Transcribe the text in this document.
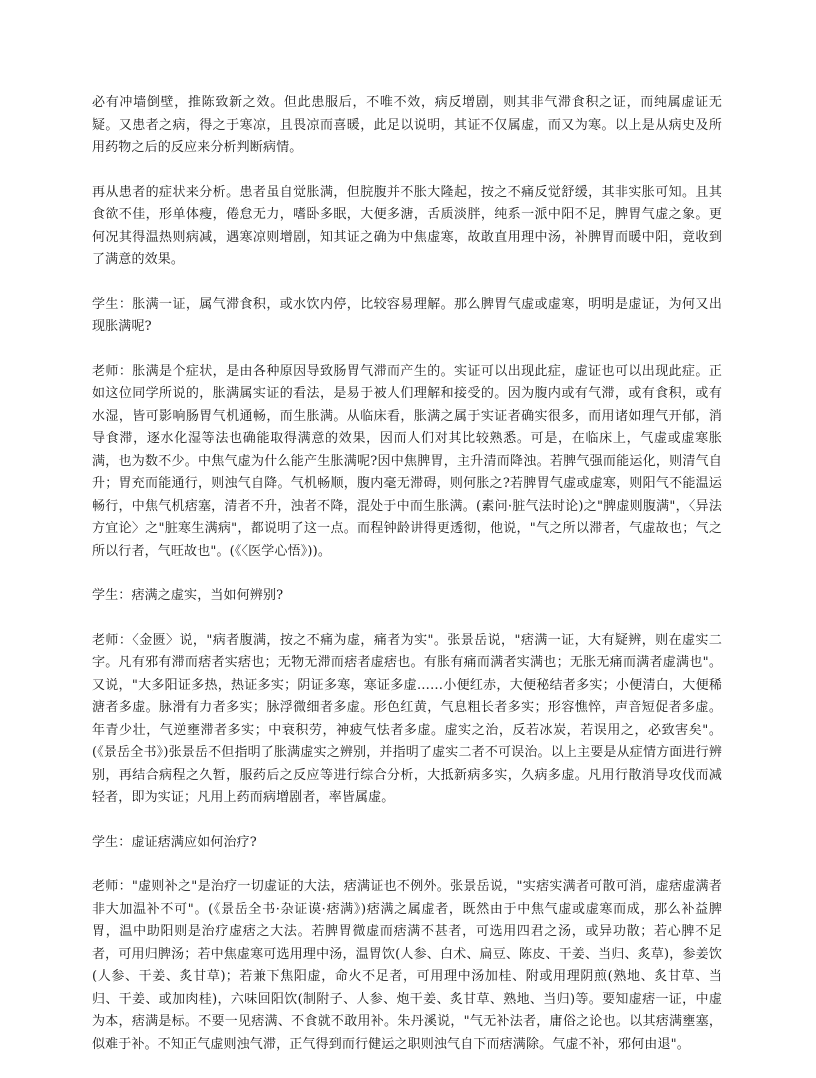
必有冲墙倒壁，推陈致新之效。但此患服后，不唯不效，病反增剧，则其非气滞食积之证，而纯属虚证无疑。又患者之病，得之于寒凉，且畏凉而喜暖，此足以说明，其证不仅属虚，而又为寒。以上是从病史及所用药物之后的反应来分析判断病情。

再从患者的症状来分析。患者虽自觉胀满，但脘腹并不胀大隆起，按之不痛反觉舒缓，其非实胀可知。且其食欲不佳，形单体瘦，倦怠无力，嗜卧多眠，大便多溏，舌质淡胖，纯系一派中阳不足，脾胃气虚之象。更何况其得温热则病减，遇寒凉则增剧，知其证之确为中焦虚寒，故敢直用理中汤，补脾胃而暖中阳，竟收到了满意的效果。

学生：胀满一证，属气滞食积，或水饮内停，比较容易理解。那么脾胃气虚或虚寒，明明是虚证，为何又出现胀满呢?

老师：胀满是个症状，是由各种原因导致肠胃气滞而产生的。实证可以出现此症，虚证也可以出现此症。正如这位同学所说的，胀满属实证的看法，是易于被人们理解和接受的。因为腹内或有气滞，或有食积，或有水湿，皆可影响肠胃气机通畅，而生胀满。从临床看，胀满之属于实证者确实很多，而用诸如理气开郁，消导食滞，逐水化湿等法也确能取得满意的效果，因而人们对其比较熟悉。可是，在临床上，气虚或虚寒胀满，也为数不少。中焦气虚为什么能产生胀满呢?因中焦脾胃，主升清而降浊。若脾气强而能运化，则清气自升；胃充而能通行，则浊气自降。气机畅顺，腹内毫无滞碍，则何胀之?若脾胃气虚或虚寒，则阳气不能温运畅行，中焦气机痞塞，清者不升，浊者不降，混处于中而生胀满。(素问·脏气法时论)之"脾虚则腹满"，〈异法方宜论〉之"脏寒生满病"，都说明了这一点。而程钟龄讲得更透彻，他说，"气之所以滞者，气虚故也；气之所以行者，气旺故也"。(《〈医学心悟》))。

学生：痞满之虚实，当如何辨别?

老师：〈金匮〉说，"病者腹满，按之不痛为虚，痛者为实"。张景岳说，"痞满一证，大有疑辨，则在虚实二字。凡有邪有滞而痞者实痞也；无物无滞而痞者虚痞也。有胀有痛而满者实满也；无胀无痛而满者虚满也"。又说，"大多阳证多热，热证多实；阴证多寒，寒证多虚……小便红赤，大便秘结者多实；小便清白，大便稀溏者多虚。脉滑有力者多实；脉浮微细者多虚。形色红黄，气息粗长者多实；形容憔悴，声音短促者多虚。年青少壮，气逆壅滞者多实；中衰积劳，神疲气怯者多虚。虚实之治，反若冰炭，若误用之，必致害矣"。(《景岳全书》)张景岳不但指明了胀满虚实之辨别，并指明了虚实二者不可误治。以上主要是从症情方面进行辨别，再结合病程之久暂，服药后之反应等进行综合分析，大抵新病多实，久病多虚。凡用行散消导攻伐而减轻者，即为实证；凡用上药而病增剧者，率皆属虚。

学生：虚证痞满应如何治疗?

老师："虚则补之"是治疗一切虚证的大法，痞满证也不例外。张景岳说，"实痞实满者可散可消，虚痞虚满者非大加温补不可"。(《景岳全书·杂证谟·痞满》)痞满之属虚者，既然由于中焦气虚或虚寒而成，那么补益脾胃，温中助阳则是治疗虚痞之大法。若脾胃微虚而痞满不甚者，可选用四君之汤，或异功散；若心脾不足者，可用归脾汤；若中焦虚寒可选用理中汤，温胃饮(人参、白术、扁豆、陈皮、干姜、当归、炙草)，参姜饮(人参、干姜、炙甘草)；若兼下焦阳虚，命火不足者，可用理中汤加桂、附或用理阴煎(熟地、炙甘草、当归、干姜、或加肉桂)，六味回阳饮(制附子、人参、炮干姜、炙甘草、熟地、当归)等。要知虚痞一证，中虚为本，痞满是标。不要一见痞满、不食就不敢用补。朱丹溪说，"气无补法者，庸俗之论也。以其痞满壅塞，似难于补。不知正气虚则浊气滞，正气得到而行健运之职则浊气自下而痞满除。气虚不补，邪何由退"。
